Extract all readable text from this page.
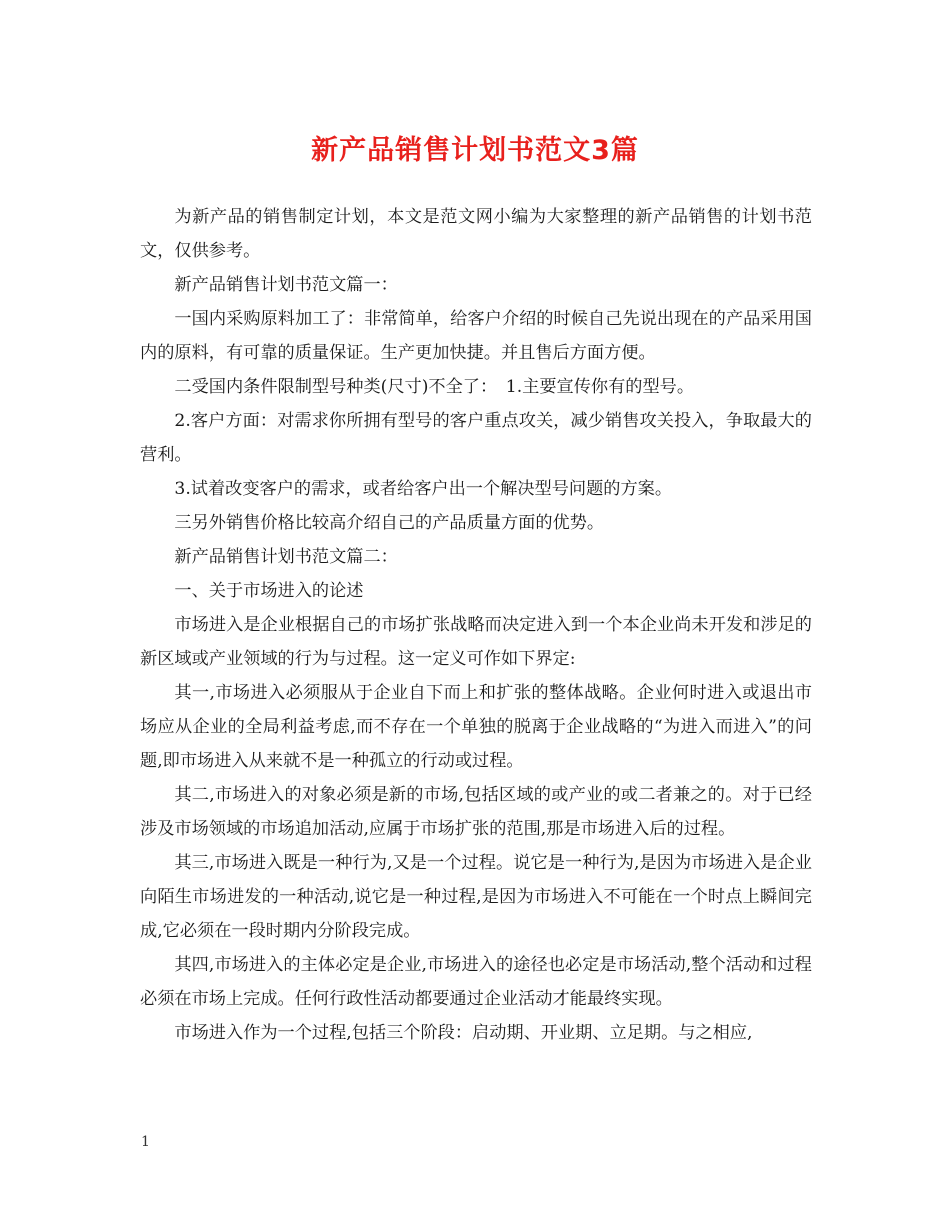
新产品销售计划书范文3篇

为新产品的销售制定计划，本文是范文网小编为大家整理的新产品销售的计划书范文，仅供参考。

新产品销售计划书范文篇一：

一国内采购原料加工了：非常简单，给客户介绍的时候自己先说出现在的产品采用国内的原料，有可靠的质量保证。生产更加快捷。并且售后方面方便。

二受国内条件限制型号种类(尺寸)不全了：　1.主要宣传你有的型号。

2.客户方面：对需求你所拥有型号的客户重点攻关，减少销售攻关投入，争取最大的营利。

3.试着改变客户的需求，或者给客户出一个解决型号问题的方案。

三另外销售价格比较高介绍自己的产品质量方面的优势。

新产品销售计划书范文篇二：

一、关于市场进入的论述

市场进入是企业根据自己的市场扩张战略而决定进入到一个本企业尚未开发和涉足的新区域或产业领域的行为与过程。这一定义可作如下界定:

其一,市场进入必须服从于企业自下而上和扩张的整体战略。企业何时进入或退出市场应从企业的全局利益考虑,而不存在一个单独的脱离于企业战略的“为进入而进入”的问题,即市场进入从来就不是一种孤立的行动或过程。

其二,市场进入的对象必须是新的市场,包括区域的或产业的或二者兼之的。对于已经涉及市场领域的市场追加活动,应属于市场扩张的范围,那是市场进入后的过程。

其三,市场进入既是一种行为,又是一个过程。说它是一种行为,是因为市场进入是企业向陌生市场进发的一种活动,说它是一种过程,是因为市场进入不可能在一个时点上瞬间完成,它必须在一段时期内分阶段完成。

其四,市场进入的主体必定是企业,市场进入的途径也必定是市场活动,整个活动和过程必须在市场上完成。任何行政性活动都要通过企业活动才能最终实现。

市场进入作为一个过程,包括三个阶段：启动期、开业期、立足期。与之相应,

1
